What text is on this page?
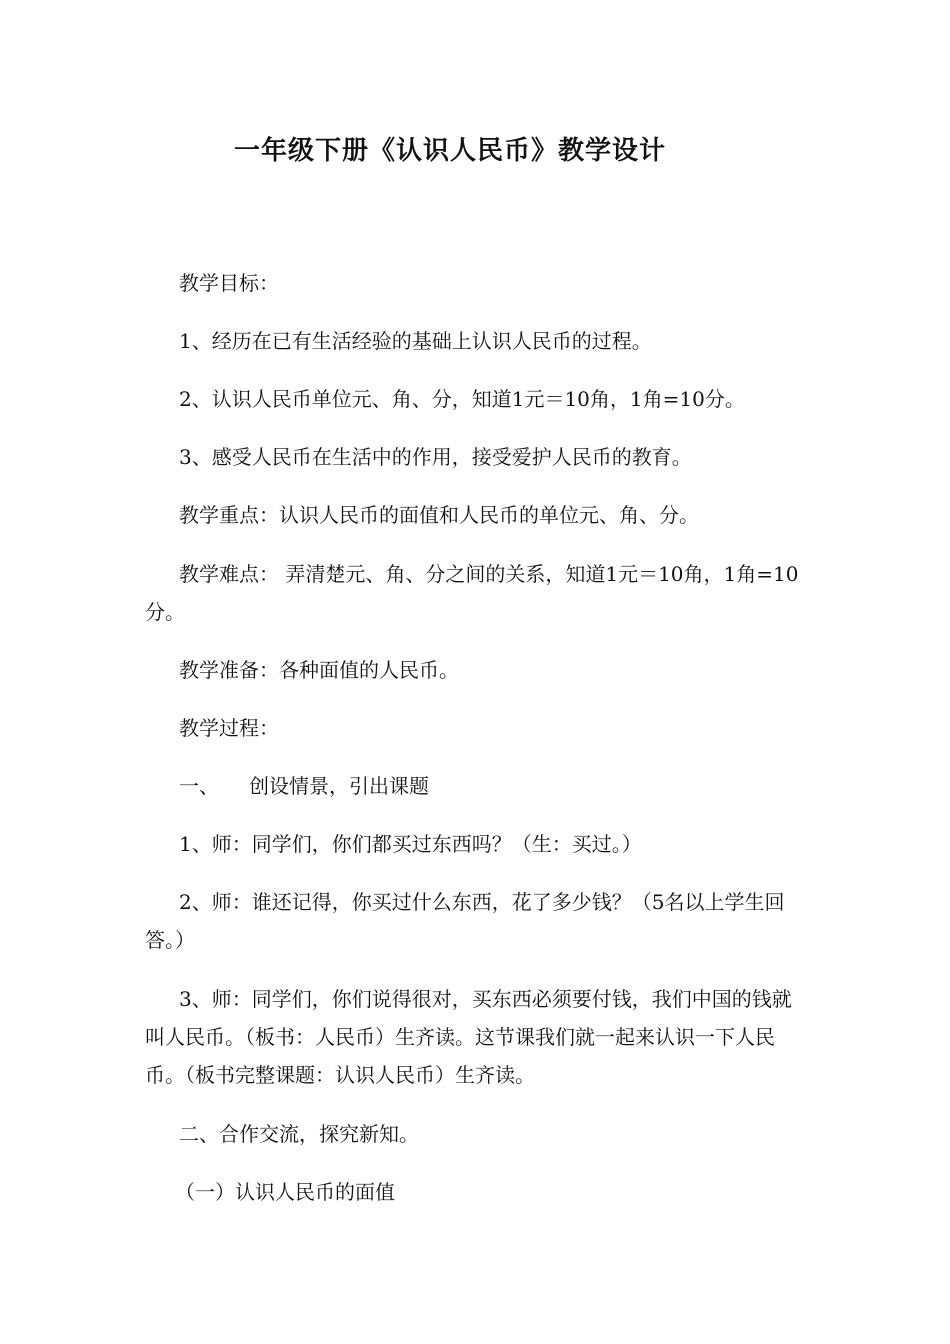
一年级下册《认识人民币》教学设计

教学目标：

1、经历在已有生活经验的基础上认识人民币的过程。

2、认识人民币单位元、角、分，知道1元＝10角，1角=10分。

3、感受人民币在生活中的作用，接受爱护人民币的教育。

教学重点：认识人民币的面值和人民币的单位元、角、分。

教学难点： 弄清楚元、角、分之间的关系，知道1元＝10角，1角=10分。

教学准备：各种面值的人民币。

教学过程：

一、　　创设情景，引出课题

1、师：同学们，你们都买过东西吗？（生：买过。）

2、师：谁还记得，你买过什么东西，花了多少钱？（5名以上学生回答。）

3、师：同学们，你们说得很对，买东西必须要付钱，我们中国的钱就叫人民币。（板书：人民币）生齐读。这节课我们就一起来认识一下人民币。（板书完整课题：认识人民币）生齐读。

二、合作交流，探究新知。

（一）认识人民币的面值
